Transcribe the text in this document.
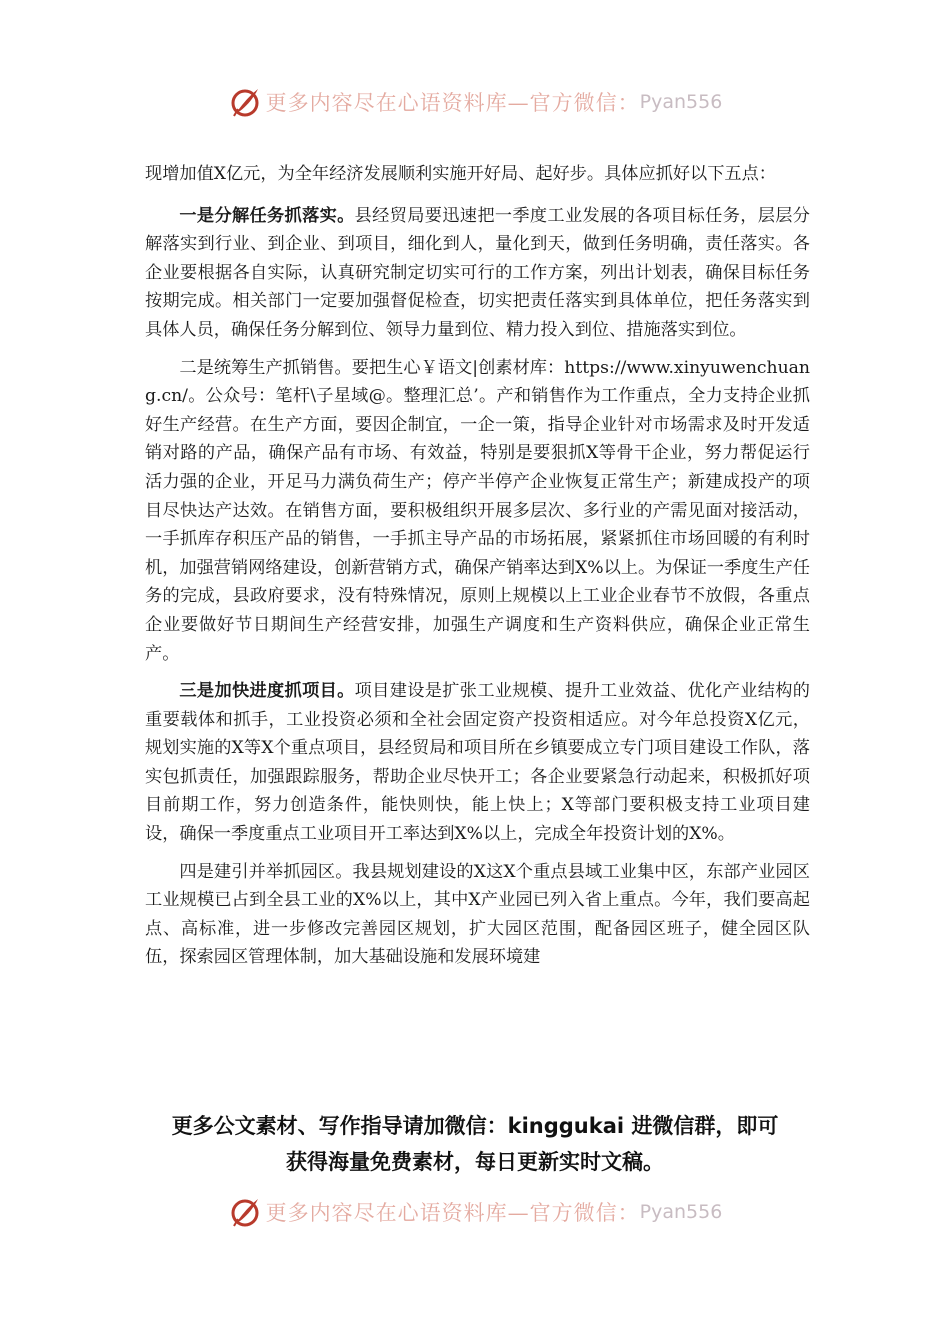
更多内容尽在心语资料库—官方微信： Pyan556

现增加值X亿元，为全年经济发展顺利实施开好局、起好步。具体应抓好以下五点：

一是分解任务抓落实。县经贸局要迅速把一季度工业发展的各项目标任务，层层分解落实到行业、到企业、到项目，细化到人，量化到天，做到任务明确，责任落实。各企业要根据各自实际，认真研究制定切实可行的工作方案，列出计划表，确保目标任务按期完成。相关部门一定要加强督促检查，切实把责任落实到具体单位，把任务落实到具体人员，确保任务分解到位、领导力量到位、精力投入到位、措施落实到位。

二是统筹生产抓销售。要把生心￥语文|创素材库：https://www.xinyuwenchuang.cn/。公众号：笔杆\子星域@。整理汇总’。产和销售作为工作重点，全力支持企业抓好生产经营。在生产方面，要因企制宜，一企一策，指导企业针对市场需求及时开发适销对路的产品，确保产品有市场、有效益，特别是要狠抓X等骨干企业，努力帮促运行活力强的企业，开足马力满负荷生产；停产半停产企业恢复正常生产；新建成投产的项目尽快达产达效。在销售方面，要积极组织开展多层次、多行业的产需见面对接活动，一手抓库存积压产品的销售，一手抓主导产品的市场拓展，紧紧抓住市场回暖的有利时机，加强营销网络建设，创新营销方式，确保产销率达到X%以上。为保证一季度生产任务的完成，县政府要求，没有特殊情况，原则上规模以上工业企业春节不放假，各重点企业要做好节日期间生产经营安排，加强生产调度和生产资料供应，确保企业正常生产。

三是加快进度抓项目。项目建设是扩张工业规模、提升工业效益、优化产业结构的重要载体和抓手，工业投资必须和全社会固定资产投资相适应。对今年总投资X亿元，规划实施的X等X个重点项目，县经贸局和项目所在乡镇要成立专门项目建设工作队，落实包抓责任，加强跟踪服务，帮助企业尽快开工；各企业要紧急行动起来，积极抓好项目前期工作，努力创造条件，能快则快，能上快上；X等部门要积极支持工业项目建设，确保一季度重点工业项目开工率达到X%以上，完成全年投资计划的X%。

四是建引并举抓园区。我县规划建设的X这X个重点县域工业集中区，东部产业园区工业规模已占到全县工业的X%以上，其中X产业园已列入省上重点。今年，我们要高起点、高标准，进一步修改完善园区规划，扩大园区范围，配备园区班子，健全园区队伍，探索园区管理体制，加大基础设施和发展环境建

更多公文素材、写作指导请加微信：kinggukai 进微信群，即可
获得海量免费素材，每日更新实时文稿。
更多内容尽在心语资料库—官方微信： Pyan556
